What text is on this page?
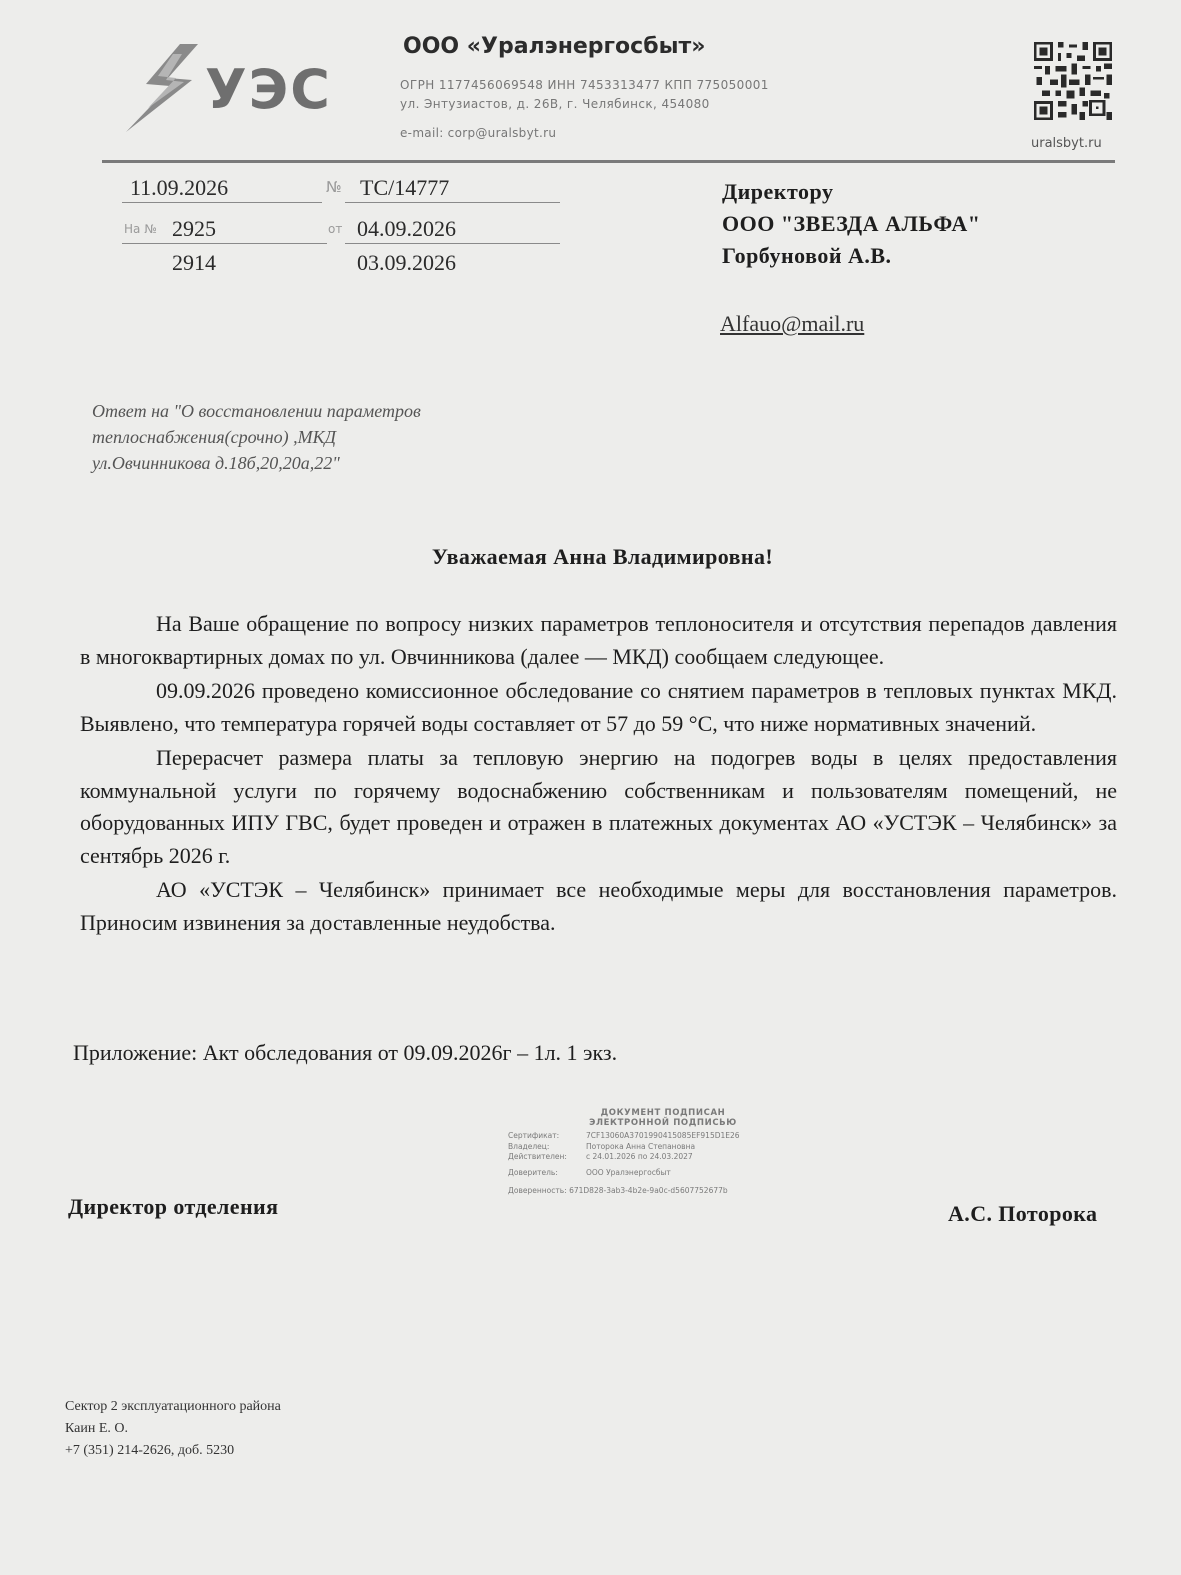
УЭС
ООО «Уралэнергосбыт»
ОГРН 1177456069548 ИНН 7453313477 КПП 775050001
ул. Энтузиастов, д. 26В, г. Челябинск, 454080
e-mail: corp@uralsbyt.ru
uralsbyt.ru
11.09.2026	№ ТС/14777
На № 2925	от 04.09.2026
2914	03.09.2026
Директору
ООО "ЗВЕЗДА АЛЬФА"
Горбуновой А.В.
Alfauo@mail.ru
Ответ на "О восстановлении параметров
теплоснабжения(срочно) ,МКД
ул.Овчинникова д.18б,20,20а,22"
Уважаемая Анна Владимировна!

На Ваше обращение по вопросу низких параметров теплоносителя и отсутствия перепадов давления в многоквартирных домах по ул. Овчинникова (далее — МКД) сообщаем следующее.

09.09.2026 проведено комиссионное обследование со снятием параметров в тепловых пунктах МКД. Выявлено, что температура горячей воды составляет от 57 до 59 °С, что ниже нормативных значений.

Перерасчет размера платы за тепловую энергию на подогрев воды в целях предоставления коммунальной услуги по горячему водоснабжению собственникам и пользователям помещений, не оборудованных ИПУ ГВС, будет проведен и отражен в платежных документах АО «УСТЭК – Челябинск» за сентябрь 2026 г.

АО «УСТЭК – Челябинск» принимает все необходимые меры для восстановления параметров. Приносим извинения за доставленные неудобства.

Приложение: Акт обследования от 09.09.2026г – 1л. 1 экз.
ДОКУМЕНТ ПОДПИСАН
ЭЛЕКТРОННОЙ ПОДПИСЬЮ
Сертификат:	7CF13060A3701990415085EF915D1E26
Владелец:	Поторока Анна Степановна
Действителен:	с 24.01.2026 по 24.03.2027
Доверитель:	ООО Уралэнергосбыт
Доверенность: 671D828-3ab3-4b2e-9a0c-d5607752677b
Директор отделения	А.С. Поторока
Сектор 2 эксплуатационного района
Каин Е. О.
+7 (351) 214-2626, доб. 5230
